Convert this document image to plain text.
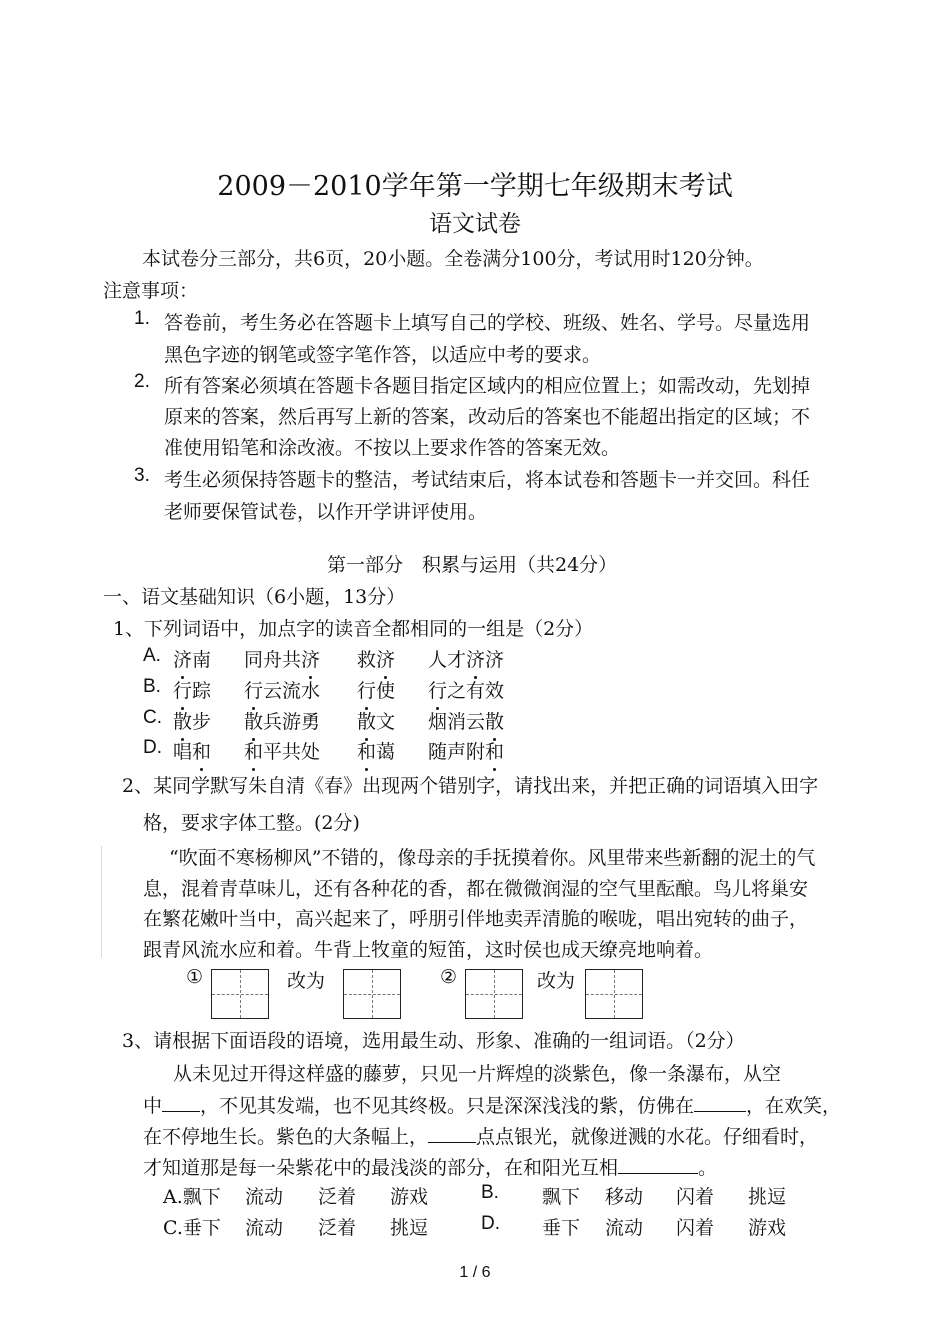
2009－2010学年第一学期七年级期末考试
语文试卷
本试卷分三部分，共6页，20小题。全卷满分100分，考试用时120分钟。
注意事项：
1. 答卷前，考生务必在答题卡上填写自己的学校、班级、姓名、学号。尽量选用
黑色字迹的钢笔或签字笔作答，以适应中考的要求。
2. 所有答案必须填在答题卡各题目指定区域内的相应位置上；如需改动，先划掉
原来的答案，然后再写上新的答案，改动后的答案也不能超出指定的区域；不
准使用铅笔和涂改液。不按以上要求作答的答案无效。
3. 考生必须保持答题卡的整洁，考试结束后，将本试卷和答题卡一并交回。科任
老师要保管试卷，以作开学讲评使用。
第一部分　积累与运用（共24分）
一、语文基础知识（6小题，13分）
1、下列词语中，加点字的读音全都相同的一组是（2分）
A. 济南 同舟共济 救济 人才济济
B. 行踪 行云流水 行使 行之有效
C. 散步 散兵游勇 散文 烟消云散
D. 唱和 和平共处 和蔼 随声附和
2、某同学默写朱自清《春》出现两个错别字，请找出来，并把正确的词语填入田字
格，要求字体工整。(2分)
“吹面不寒杨柳风”不错的，像母亲的手抚摸着你。风里带来些新翻的泥土的气
息，混着青草味儿，还有各种花的香，都在微微润湿的空气里酝酿。鸟儿将巢安
在繁花嫩叶当中，高兴起来了，呼朋引伴地卖弄清脆的喉咙，唱出宛转的曲子，
跟青风流水应和着。牛背上牧童的短笛，这时侯也成天缭亮地响着。
①	改为	②	改为
3、请根据下面语段的语境，选用最生动、形象、准确的一组词语。（2分）
从未见过开得这样盛的藤萝，只见一片辉煌的淡紫色，像一条瀑布，从空
中 ，不见其发端，也不见其终极。只是深深浅浅的紫，仿佛在	，在欢笑，
在不停地生长。紫色的大条幅上，	点点银光，就像迸溅的水花。仔细看时，
才知道那是每一朵紫花中的最浅淡的部分，在和阳光互相	。
A.飘下 流动 泛着 游戏	B. 飘下 移动 闪着 挑逗
C.垂下 流动 泛着 挑逗	D. 垂下 流动 闪着 游戏
1 / 6
